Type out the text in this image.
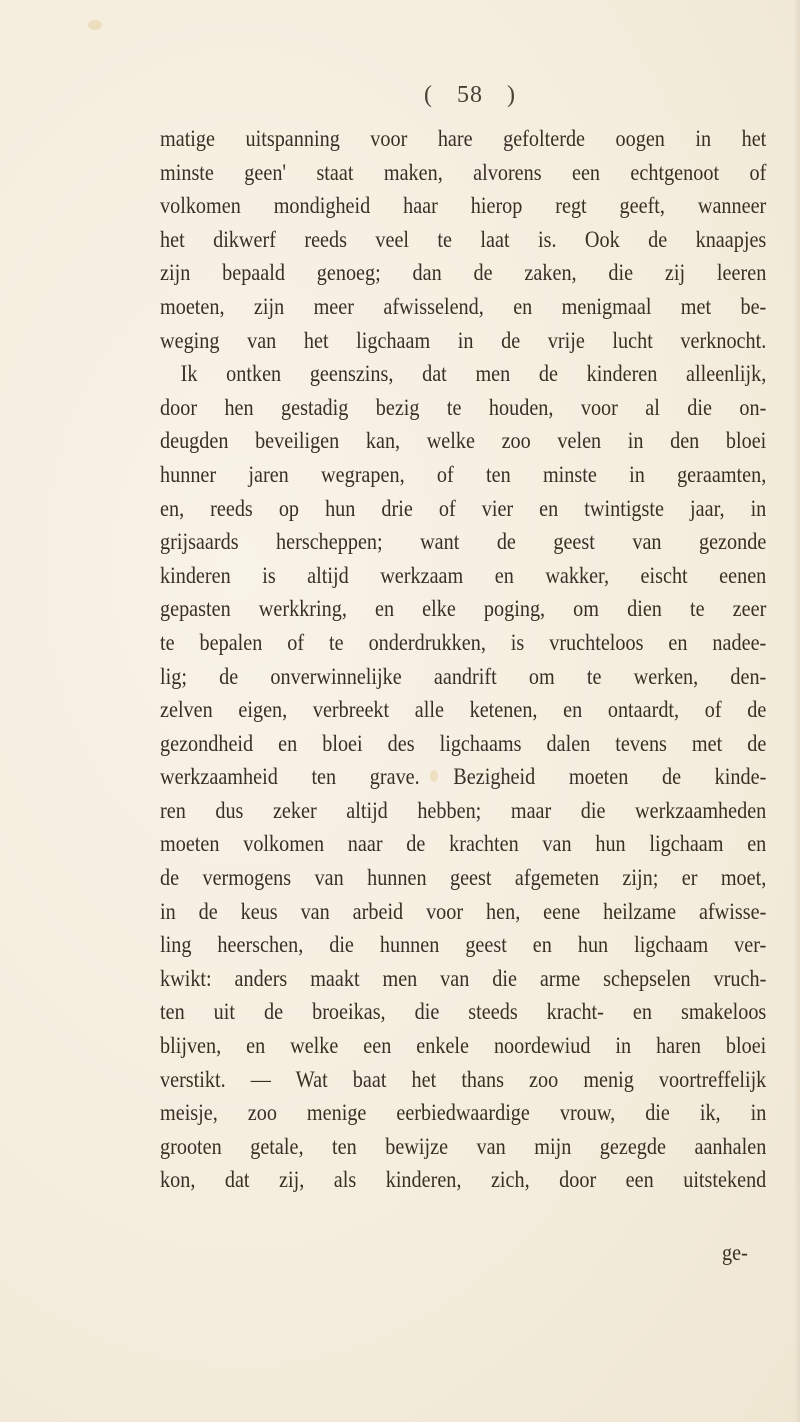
( 58 )
matige uitspanning voor hare gefolterde oogen in het
minste geen' staat maken, alvorens een echtgenoot of
volkomen mondigheid haar hierop regt geeft, wanneer
het dikwerf reeds veel te laat is. Ook de knaapjes
zijn bepaald genoeg; dan de zaken, die zij leeren
moeten, zijn meer afwisselend, en menigmaal met be-
weging van het ligchaam in de vrije lucht verknocht.
Ik ontken geenszins, dat men de kinderen alleenlijk,
door hen gestadig bezig te houden, voor al die on-
deugden beveiligen kan, welke zoo velen in den bloei
hunner jaren wegrapen, of ten minste in geraamten,
en, reeds op hun drie of vier en twintigste jaar, in
grijsaards herscheppen; want de geest van gezonde
kinderen is altijd werkzaam en wakker, eischt eenen
gepasten werkkring, en elke poging, om dien te zeer
te bepalen of te onderdrukken, is vruchteloos en nadee-
lig; de onverwinnelijke aandrift om te werken, den-
zelven eigen, verbreekt alle ketenen, en ontaardt, of de
gezondheid en bloei des ligchaams dalen tevens met de
werkzaamheid ten grave. Bezigheid moeten de kinde-
ren dus zeker altijd hebben; maar die werkzaamheden
moeten volkomen naar de krachten van hun ligchaam en
de vermogens van hunnen geest afgemeten zijn; er moet,
in de keus van arbeid voor hen, eene heilzame afwisse-
ling heerschen, die hunnen geest en hun ligchaam ver-
kwikt: anders maakt men van die arme schepselen vruch-
ten uit de broeikas, die steeds kracht- en smakeloos
blijven, en welke een enkele noordewiud in haren bloei
verstikt. — Wat baat het thans zoo menig voortreffelijk
meisje, zoo menige eerbiedwaardige vrouw, die ik, in
grooten getale, ten bewijze van mijn gezegde aanhalen
kon, dat zij, als kinderen, zich, door een uitstekend
ge-
